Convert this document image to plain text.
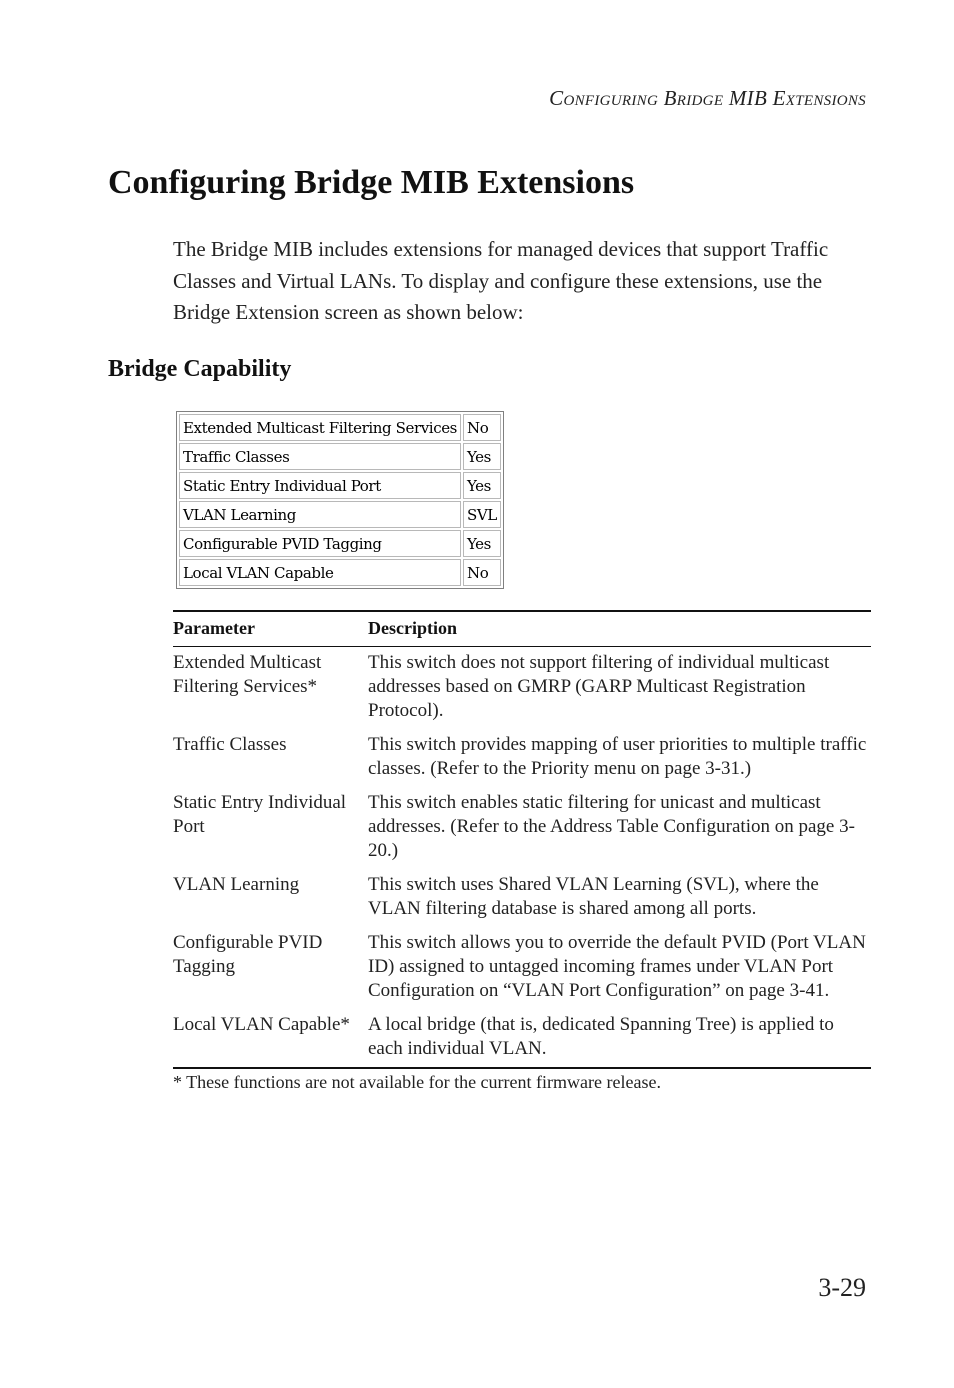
CONFIGURING BRIDGE MIB EXTENSIONS
Configuring Bridge MIB Extensions

The Bridge MIB includes extensions for managed devices that support Traffic Classes and Virtual LANs. To display and configure these extensions, use the Bridge Extension screen as shown below:

Bridge Capability
Extended Multicast Filtering Services	No
Traffic Classes	Yes
Static Entry Individual Port	Yes
VLAN Learning	SVL
Configurable PVID Tagging	Yes
Local VLAN Capable	No
Parameter	Description
Extended Multicast Filtering Services*	This switch does not support filtering of individual multicast addresses based on GMRP (GARP Multicast Registration Protocol).
Traffic Classes	This switch provides mapping of user priorities to multiple traffic classes. (Refer to the Priority menu on page 3-31.)
Static Entry Individual Port	This switch enables static filtering for unicast and multicast addresses. (Refer to the Address Table Configuration on page 3-20.)
VLAN Learning	This switch uses Shared VLAN Learning (SVL), where the VLAN filtering database is shared among all ports.
Configurable PVID Tagging	This switch allows you to override the default PVID (Port VLAN ID) assigned to untagged incoming frames under VLAN Port Configuration on “VLAN Port Configuration” on page 3-41.
Local VLAN Capable*	A local bridge (that is, dedicated Spanning Tree) is applied to each individual VLAN.
* These functions are not available for the current firmware release.
3-29
